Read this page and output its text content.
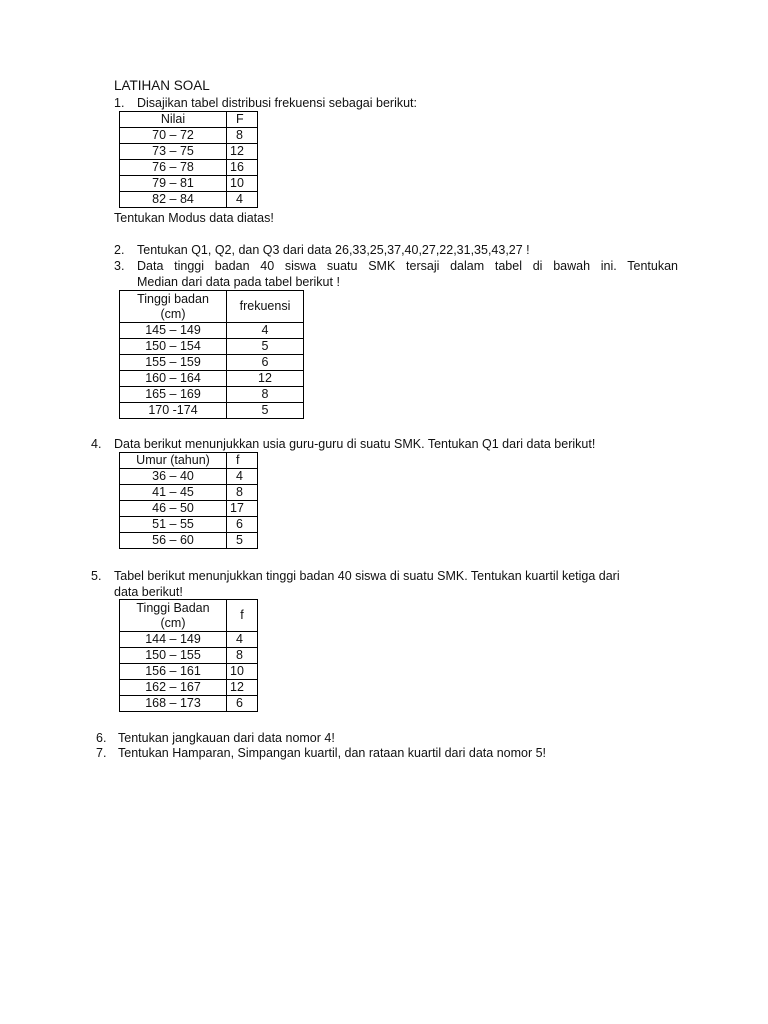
LATIHAN SOAL
1. Disajikan tabel distribusi frekuensi sebagai berikut:
Nilai	F
70 – 72	8
73 – 75	12
76 – 78	16
79 – 81	10
82 – 84	4
Tentukan Modus data diatas!
2. Tentukan Q1, Q2, dan Q3 dari data 26,33,25,37,40,27,22,31,35,43,27 !
3. Data tinggi badan 40 siswa suatu SMK tersaji dalam tabel di bawah ini. Tentukan
Median dari data pada tabel berikut !
Tinggi badan
(cm)	frekuensi
145 – 149	4
150 – 154	5
155 – 159	6
160 – 164	12
165 – 169	8
170 -174	5
4. Data berikut menunjukkan usia guru-guru di suatu SMK. Tentukan Q1 dari data berikut!
Umur (tahun)	f
36 – 40	4
41 – 45	8
46 – 50	17
51 – 55	6
56 – 60	5
5. Tabel berikut menunjukkan tinggi badan 40 siswa di suatu SMK. Tentukan kuartil ketiga dari
data berikut!
Tinggi Badan
(cm)	f
144 – 149	4
150 – 155	8
156 – 161	10
162 – 167	12
168 – 173	6
6. Tentukan jangkauan dari data nomor 4!
7. Tentukan Hamparan, Simpangan kuartil, dan rataan kuartil dari data nomor 5!
